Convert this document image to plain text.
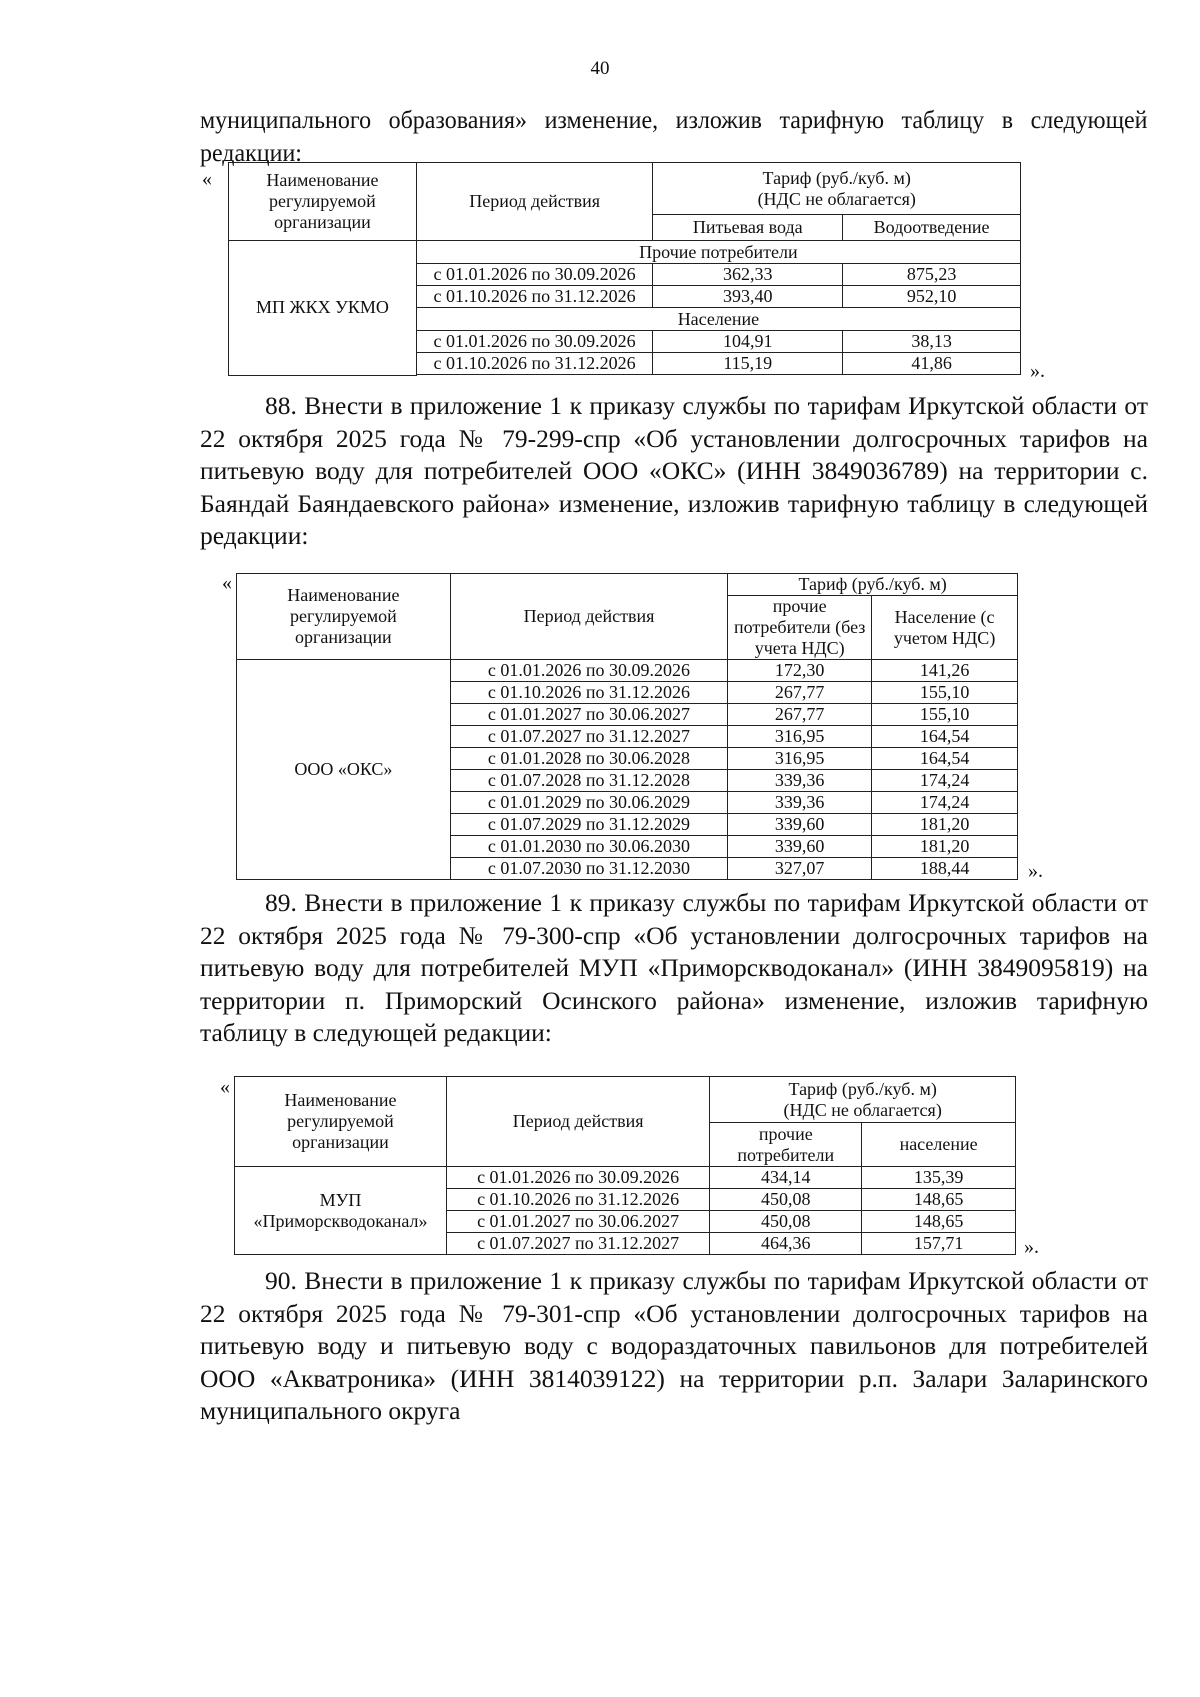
40
муниципального образования» изменение, изложив тарифную таблицу в следующей редакции:
«	Наименование регулируемой организации	Период действия	Тариф (руб./куб. м)
(НДС не облагается)	

		Питьевая вода	Водоотведение
МП ЖКХ УКМО	Прочие потребители		
	с 01.01.2026 по 30.09.2026	362,33	875,23
	с 01.10.2026 по 31.12.2026	393,40	952,10
	Население		
	с 01.01.2026 по 30.09.2026	104,91	38,13
	с 01.10.2026 по 31.12.2026	115,19	41,86	».
88. Внести в приложение 1 к приказу службы по тарифам Иркутской области от 22 октября 2025 года № 79-299-спр «Об установлении долгосрочных тарифов на питьевую воду для потребителей ООО «ОКС» (ИНН 3849036789) на территории с. Баяндай Баяндаевского района» изменение, изложив тарифную таблицу в следующей редакции:
«
Наименование регулируемой организации	Период действия	Тариф (руб./куб. м)	
		прочие потребители (без учета НДС)	Население (с учетом НДС)
ООО «ОКС»	с 01.01.2026 по 30.09.2026	172,30	141,26
	с 01.10.2026 по 31.12.2026	267,77	155,10
	с 01.01.2027 по 30.06.2027	267,77	155,10
	с 01.07.2027 по 31.12.2027	316,95	164,54
	с 01.01.2028 по 30.06.2028	316,95	164,54
	с 01.07.2028 по 31.12.2028	339,36	174,24
	с 01.01.2029 по 30.06.2029	339,36	174,24
	с 01.07.2029 по 31.12.2029	339,60	181,20
	с 01.01.2030 по 30.06.2030	339,60	181,20
	с 01.07.2030 по 31.12.2030	327,07	188,44	».
89. Внести в приложение 1 к приказу службы по тарифам Иркутской области от 22 октября 2025 года № 79-300-спр «Об установлении долгосрочных тарифов на питьевую воду для потребителей МУП «Приморскводоканал» (ИНН 3849095819) на территории п. Приморский Осинского района» изменение, изложив тарифную таблицу в следующей редакции:
«
Наименование регулируемой организации	Период действия	Тариф (руб./куб. м)
(НДС не облагается)	

		прочие потребители	население

МУП
«Приморскводоканал»	с 01.01.2026 по 30.09.2026	434,14	135,39
	с 01.10.2026 по 31.12.2026	450,08	148,65
	с 01.01.2027 по 30.06.2027	450,08	148,65
	с 01.07.2027 по 31.12.2027	464,36	157,71	».
90. Внести в приложение 1 к приказу службы по тарифам Иркутской области от 22 октября 2025 года № 79-301-спр «Об установлении долгосрочных тарифов на питьевую воду и питьевую воду с водораздаточных павильонов для потребителей ООО «Акватроника» (ИНН 3814039122) на территории р.п. Залари Заларинского муниципального округа
